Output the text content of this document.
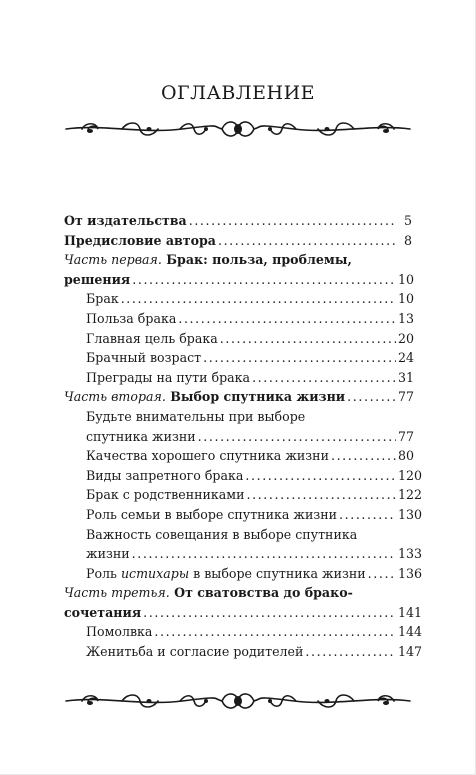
ОГЛАВЛЕНИЕ
От издательства . . .	5
Предисловие автора . . .	8
Часть первая. Брак: польза, проблемы,
решения . . .	10
Брак . . .	10
Польза брака . . .	13
Главная цель брака . . .	20
Брачный возраст . . .	24
Преграды на пути брака . . .	31
Часть вторая. Выбор спутника жизни . . .	77
Будьте внимательны при выборе
спутника жизни . . .	77
Качества хорошего спутника жизни . . .	80
Виды запретного брака . . .	120
Брак с родственниками . . .	122
Роль семьи в выборе спутника жизни . . .	130
Важность совещания в выборе спутника
жизни . . .	133
Роль истихары в выборе спутника жизни . . .	136
Часть третья. От сватовства до брако-
сочетания . . .	141
Помолвка . . .	144
Женитьба и согласие родителей . . .	147
